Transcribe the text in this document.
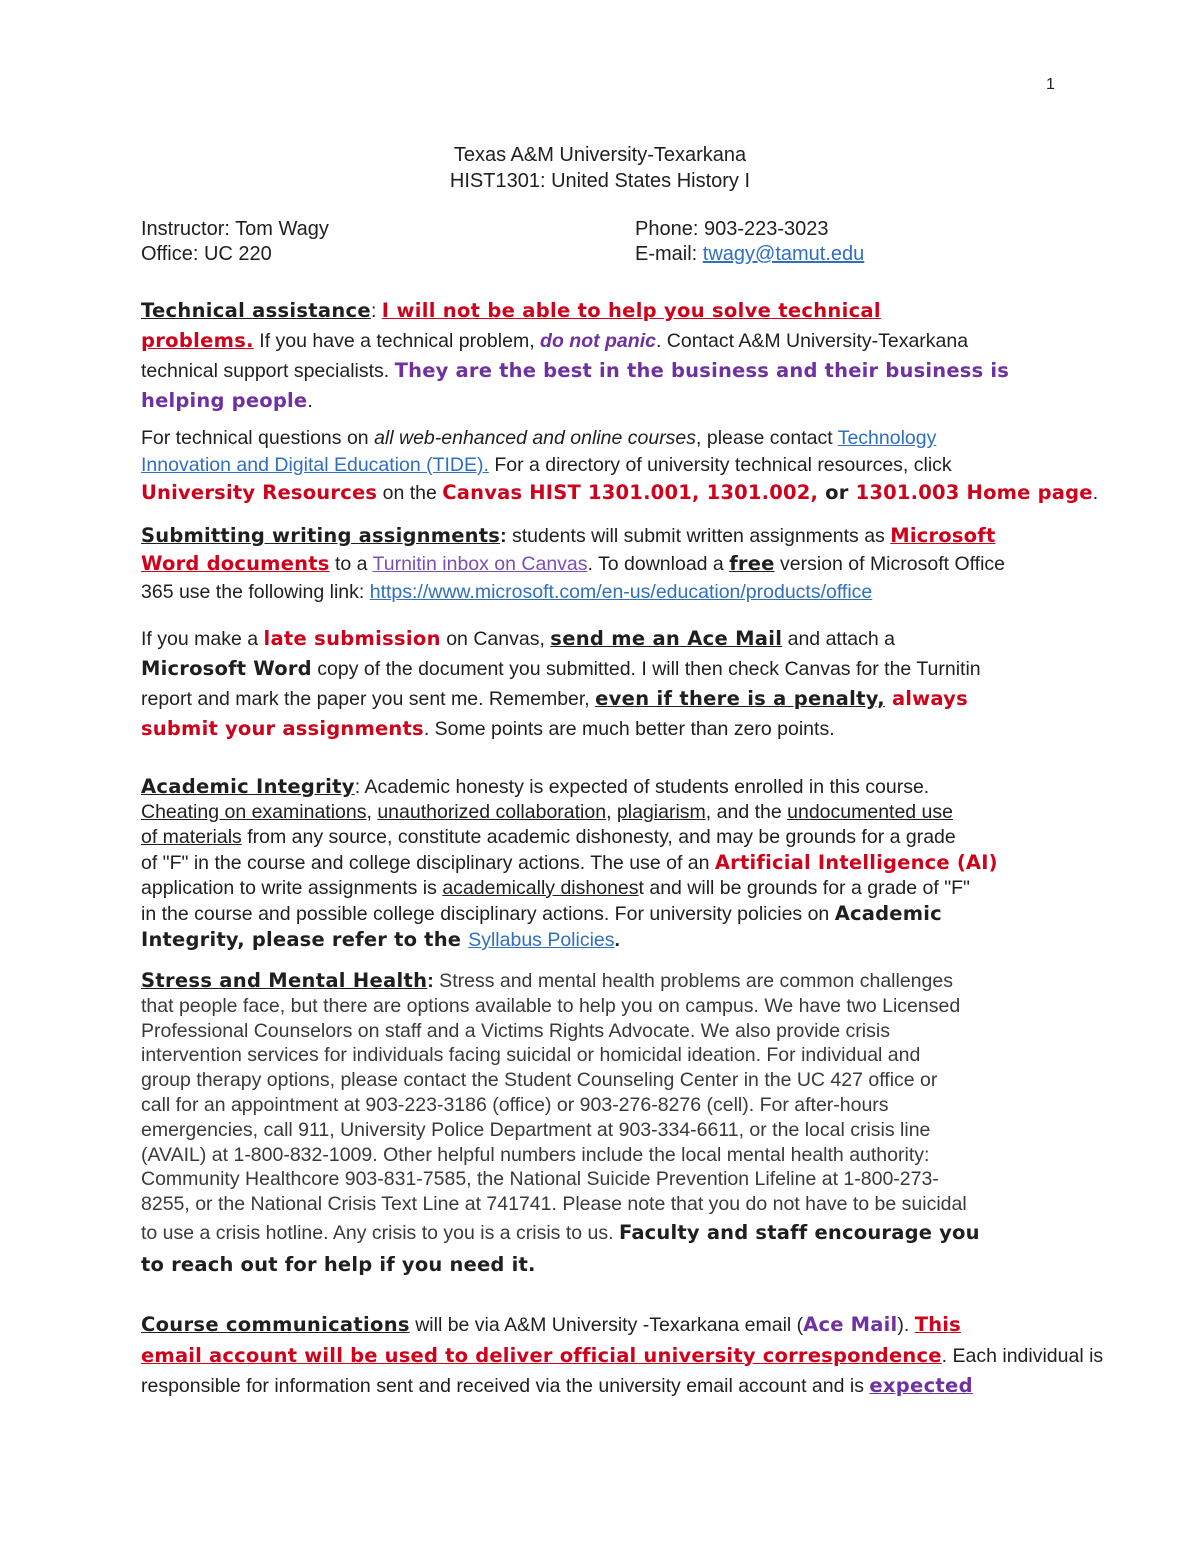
1
Texas A&M University-Texarkana
HIST1301: United States History I
Instructor: Tom Wagy	Phone: 903-223-3023
Office: UC 220	E-mail: twagy@tamut.edu
Technical assistance: I will not be able to help you solve technical
problems. If you have a technical problem, do not panic. Contact A&M University-Texarkana
technical support specialists. They are the best in the business and their business is
helping people.
For technical questions on all web-enhanced and online courses, please contact Technology
Innovation and Digital Education (TIDE). For a directory of university technical resources, click
University Resources on the Canvas HIST 1301.001, 1301.002, or 1301.003 Home page.
Submitting writing assignments: students will submit written assignments as Microsoft
Word documents to a Turnitin inbox on Canvas. To download a free version of Microsoft Office
365 use the following link: https://www.microsoft.com/en-us/education/products/office
If you make a late submission on Canvas, send me an Ace Mail and attach a
Microsoft Word copy of the document you submitted. I will then check Canvas for the Turnitin
report and mark the paper you sent me. Remember, even if there is a penalty, always
submit your assignments. Some points are much better than zero points.
Academic Integrity: Academic honesty is expected of students enrolled in this course.
Cheating on examinations, unauthorized collaboration, plagiarism, and the undocumented use
of materials from any source, constitute academic dishonesty, and may be grounds for a grade
of "F" in the course and college disciplinary actions. The use of an Artificial Intelligence (AI)
application to write assignments is academically dishonest and will be grounds for a grade of "F"
in the course and possible college disciplinary actions. For university policies on Academic
Integrity, please refer to the Syllabus Policies.
Stress and Mental Health: Stress and mental health problems are common challenges
that people face, but there are options available to help you on campus. We have two Licensed
Professional Counselors on staff and a Victims Rights Advocate. We also provide crisis
intervention services for individuals facing suicidal or homicidal ideation. For individual and
group therapy options, please contact the Student Counseling Center in the UC 427 office or
call for an appointment at 903-223-3186 (office) or 903-276-8276 (cell). For after-hours
emergencies, call 911, University Police Department at 903-334-6611, or the local crisis line
(AVAIL) at 1-800-832-1009. Other helpful numbers include the local mental health authority:
Community Healthcore 903-831-7585, the National Suicide Prevention Lifeline at 1-800-273-
8255, or the National Crisis Text Line at 741741. Please note that you do not have to be suicidal
to use a crisis hotline. Any crisis to you is a crisis to us. Faculty and staff encourage you
to reach out for help if you need it.
Course communications will be via A&M University -Texarkana email (Ace Mail). This
email account will be used to deliver official university correspondence. Each individual is
responsible for information sent and received via the university email account and is expected
